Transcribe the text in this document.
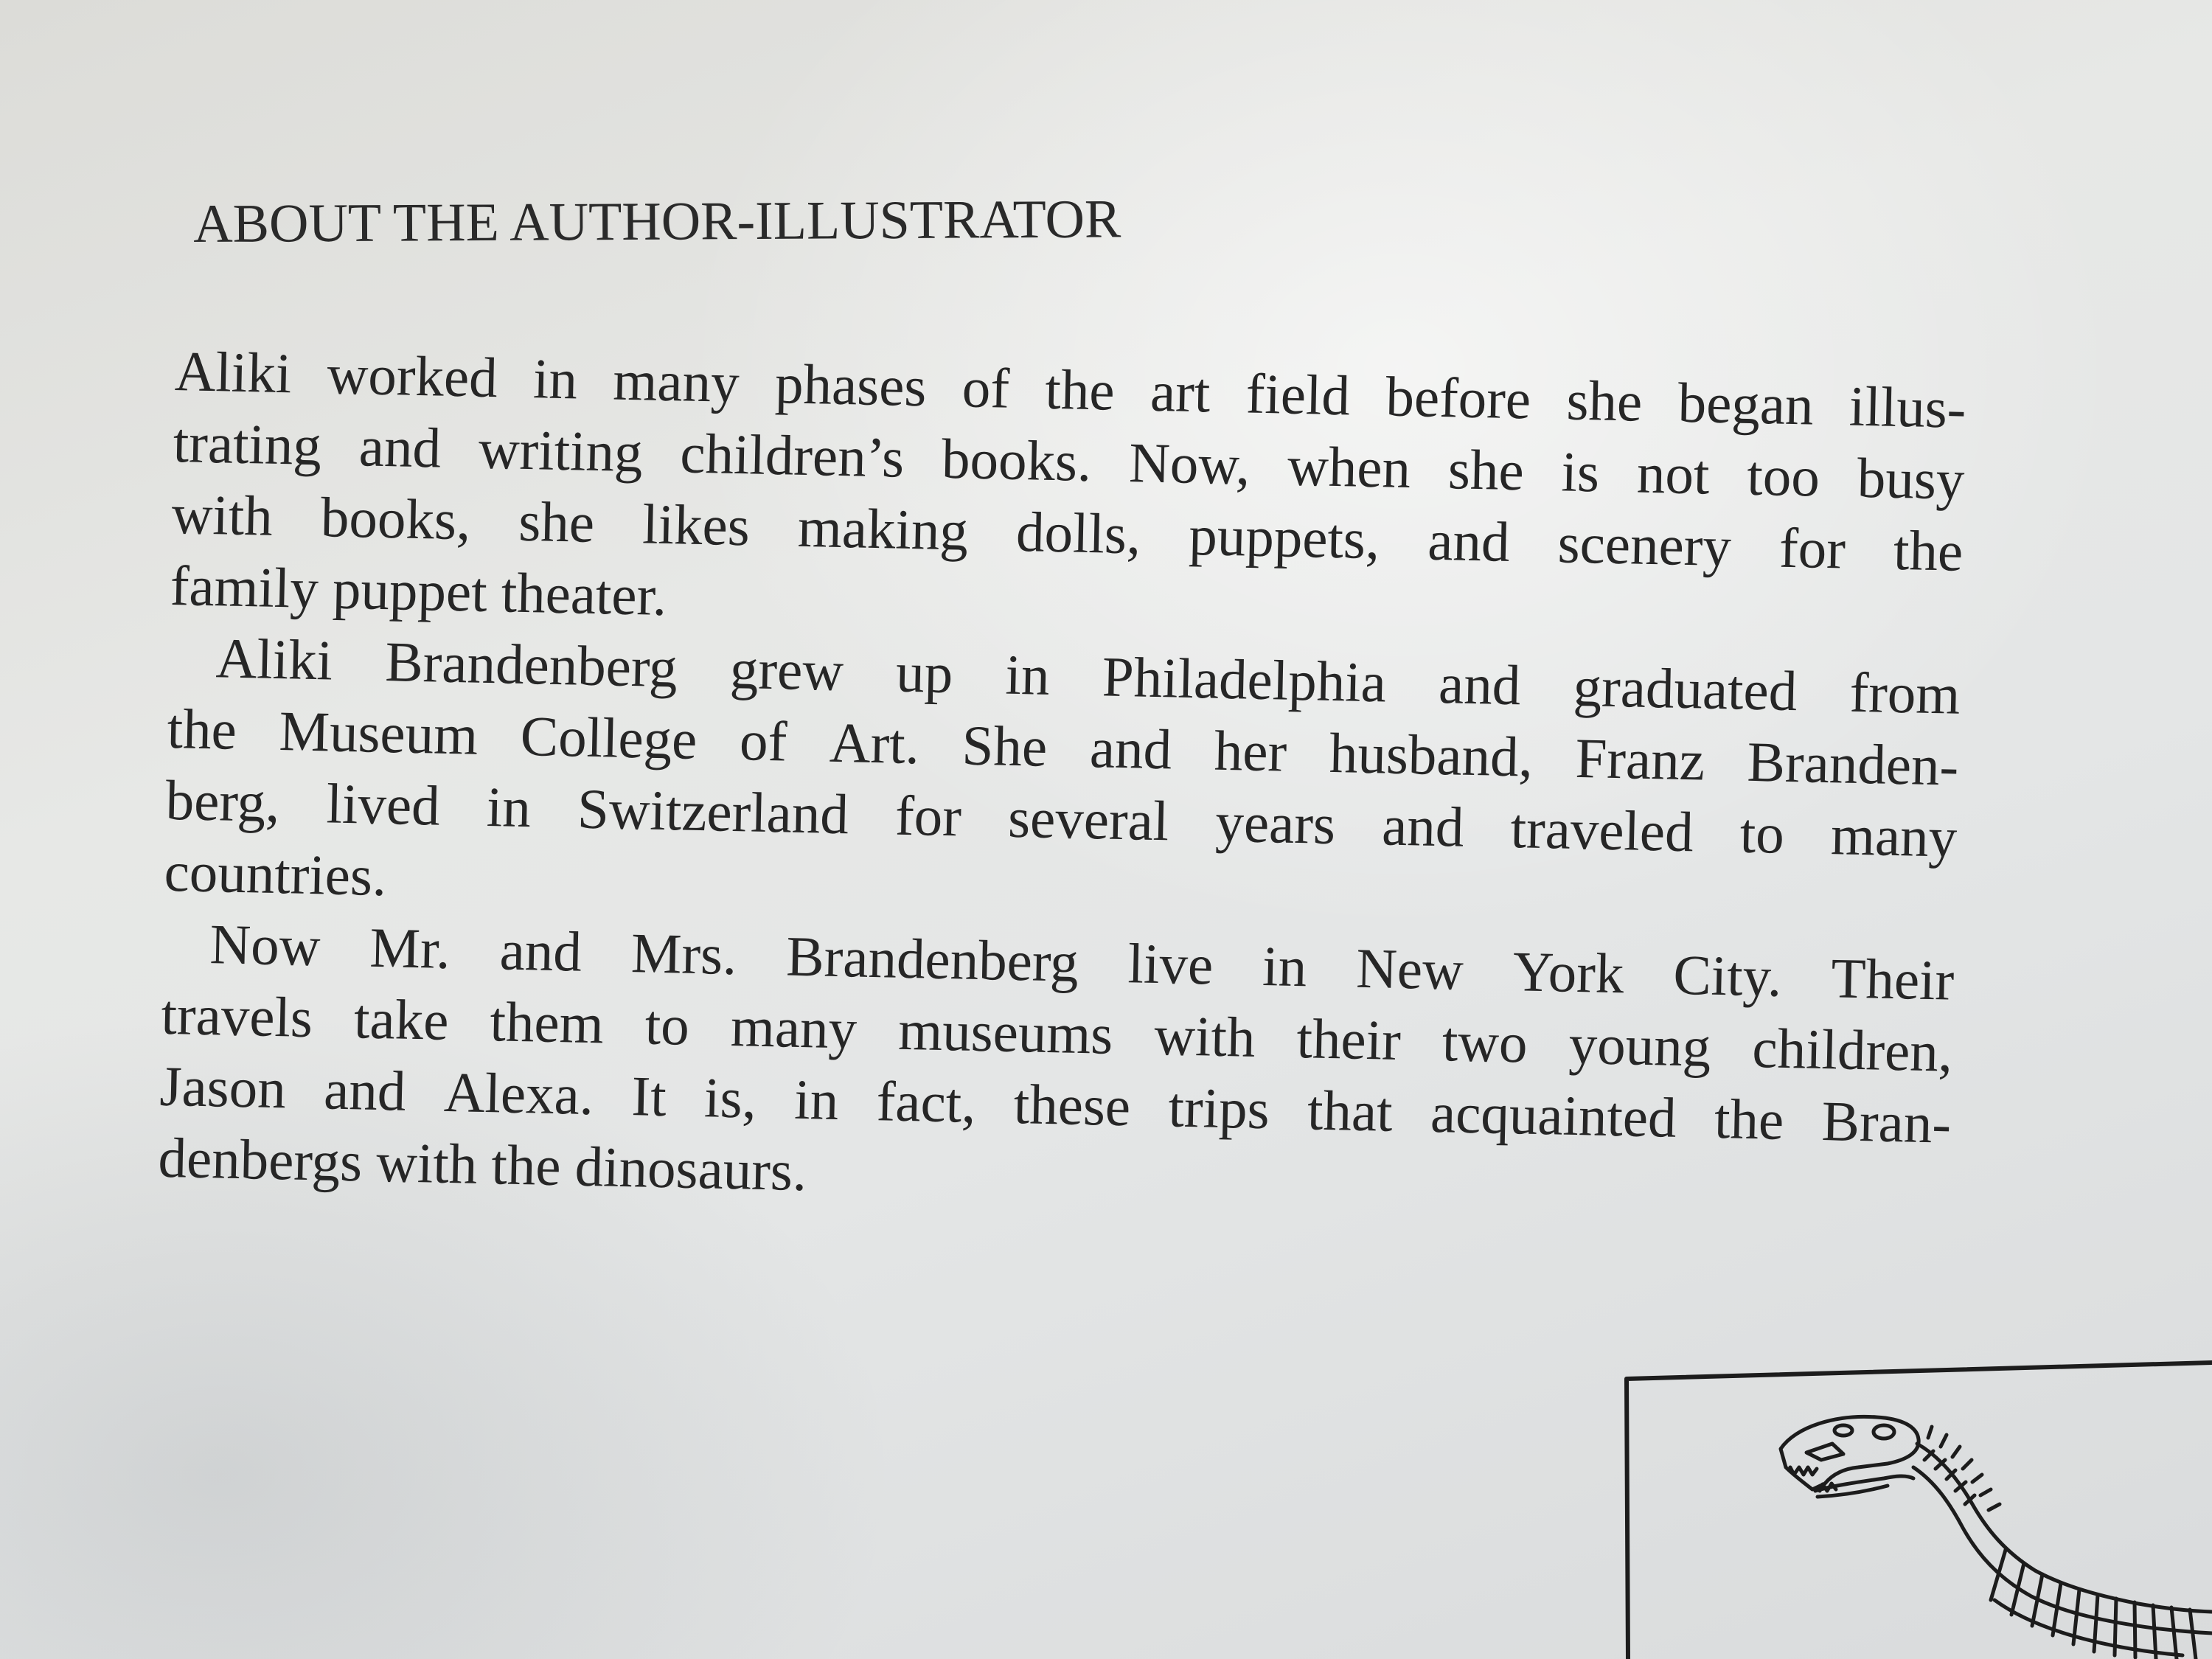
ABOUT THE AUTHOR-ILLUSTRATOR
Aliki worked in many phases of the art field before she began illus-
trating and writing children’s books. Now, when she is not too busy
with books, she likes making dolls, puppets, and scenery for the
family puppet theater.
Aliki Brandenberg grew up in Philadelphia and graduated from
the Museum College of Art. She and her husband, Franz Branden-
berg, lived in Switzerland for several years and traveled to many
countries.
Now Mr. and Mrs. Brandenberg live in New York City. Their
travels take them to many museums with their two young children,
Jason and Alexa. It is, in fact, these trips that acquainted the Bran-
denbergs with the dinosaurs.
